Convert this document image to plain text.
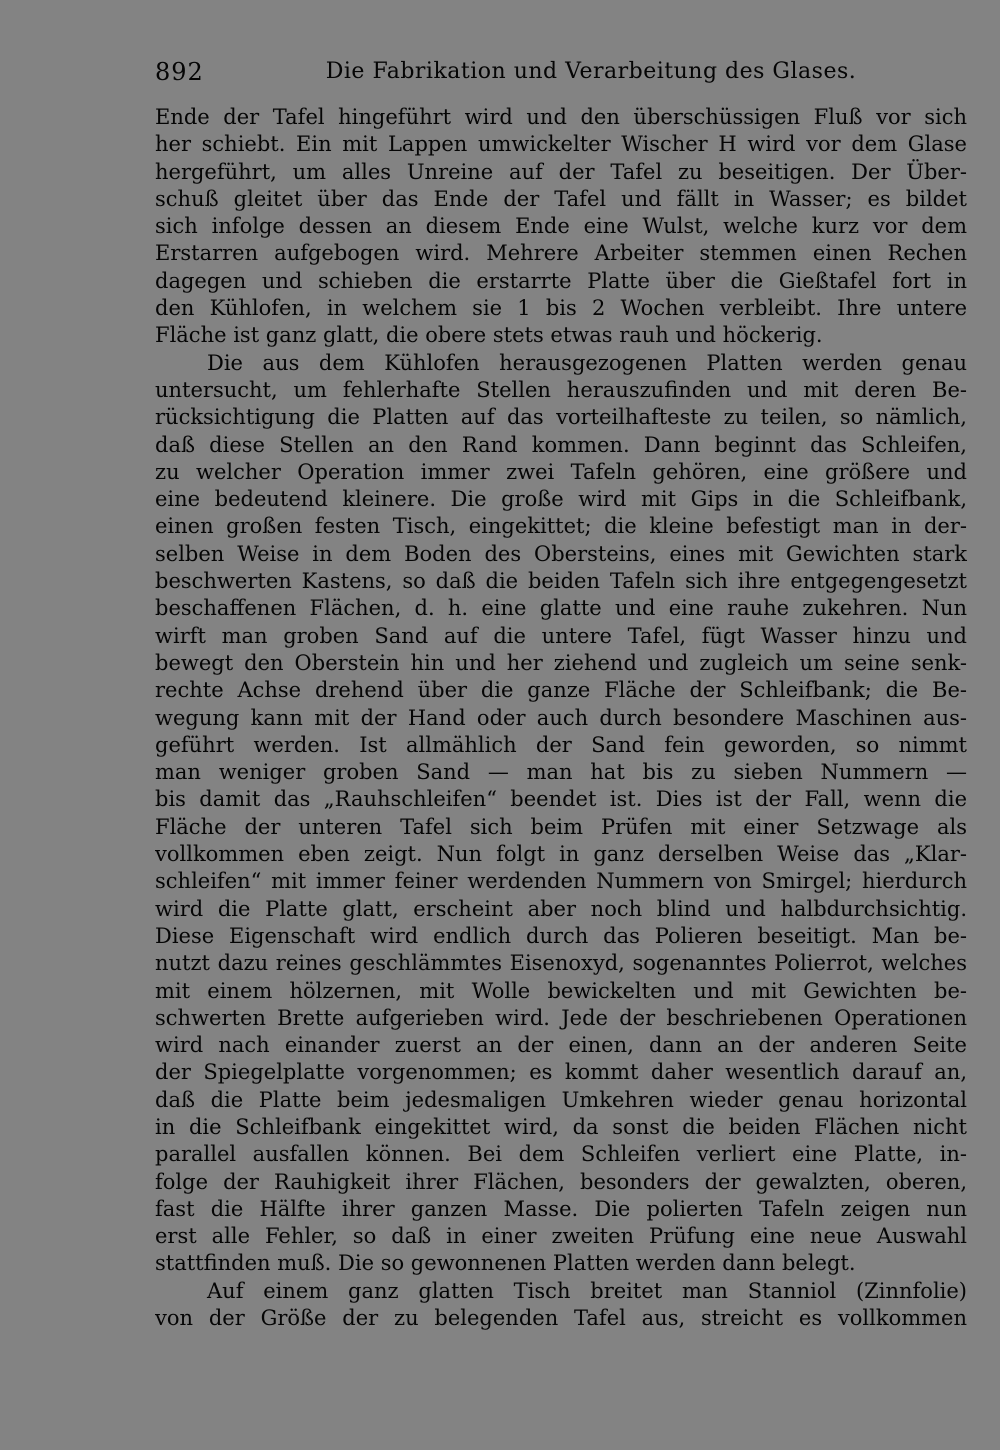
892	Die Fabrikation und Verarbeitung des Glases.
Ende der Tafel hingeführt wird und den überschüssigen Fluß vor sich
her schiebt. Ein mit Lappen umwickelter Wischer H wird vor dem Glase
hergeführt, um alles Unreine auf der Tafel zu beseitigen. Der Über-
schuß gleitet über das Ende der Tafel und fällt in Wasser; es bildet
sich infolge dessen an diesem Ende eine Wulst, welche kurz vor dem
Erstarren aufgebogen wird. Mehrere Arbeiter stemmen einen Rechen
dagegen und schieben die erstarrte Platte über die Gießtafel fort in
den Kühlofen, in welchem sie 1 bis 2 Wochen verbleibt. Ihre untere
Fläche ist ganz glatt, die obere stets etwas rauh und höckerig.
Die aus dem Kühlofen herausgezogenen Platten werden genau
untersucht, um fehlerhafte Stellen herauszufinden und mit deren Be-
rücksichtigung die Platten auf das vorteilhafteste zu teilen, so nämlich,
daß diese Stellen an den Rand kommen. Dann beginnt das Schleifen,
zu welcher Operation immer zwei Tafeln gehören, eine größere und
eine bedeutend kleinere. Die große wird mit Gips in die Schleifbank,
einen großen festen Tisch, eingekittet; die kleine befestigt man in der-
selben Weise in dem Boden des Obersteins, eines mit Gewichten stark
beschwerten Kastens, so daß die beiden Tafeln sich ihre entgegengesetzt
beschaffenen Flächen, d. h. eine glatte und eine rauhe zukehren. Nun
wirft man groben Sand auf die untere Tafel, fügt Wasser hinzu und
bewegt den Oberstein hin und her ziehend und zugleich um seine senk-
rechte Achse drehend über die ganze Fläche der Schleifbank; die Be-
wegung kann mit der Hand oder auch durch besondere Maschinen aus-
geführt werden. Ist allmählich der Sand fein geworden, so nimmt
man weniger groben Sand — man hat bis zu sieben Nummern —
bis damit das „Rauhschleifen“ beendet ist. Dies ist der Fall, wenn die
Fläche der unteren Tafel sich beim Prüfen mit einer Setzwage als
vollkommen eben zeigt. Nun folgt in ganz derselben Weise das „Klar-
schleifen“ mit immer feiner werdenden Nummern von Smirgel; hierdurch
wird die Platte glatt, erscheint aber noch blind und halbdurchsichtig.
Diese Eigenschaft wird endlich durch das Polieren beseitigt. Man be-
nutzt dazu reines geschlämmtes Eisenoxyd, sogenanntes Polierrot, welches
mit einem hölzernen, mit Wolle bewickelten und mit Gewichten be-
schwerten Brette aufgerieben wird. Jede der beschriebenen Operationen
wird nach einander zuerst an der einen, dann an der anderen Seite
der Spiegelplatte vorgenommen; es kommt daher wesentlich darauf an,
daß die Platte beim jedesmaligen Umkehren wieder genau horizontal
in die Schleifbank eingekittet wird, da sonst die beiden Flächen nicht
parallel ausfallen können. Bei dem Schleifen verliert eine Platte, in-
folge der Rauhigkeit ihrer Flächen, besonders der gewalzten, oberen,
fast die Hälfte ihrer ganzen Masse. Die polierten Tafeln zeigen nun
erst alle Fehler, so daß in einer zweiten Prüfung eine neue Auswahl
stattfinden muß. Die so gewonnenen Platten werden dann belegt.
Auf einem ganz glatten Tisch breitet man Stanniol (Zinnfolie)
von der Größe der zu belegenden Tafel aus, streicht es vollkommen
